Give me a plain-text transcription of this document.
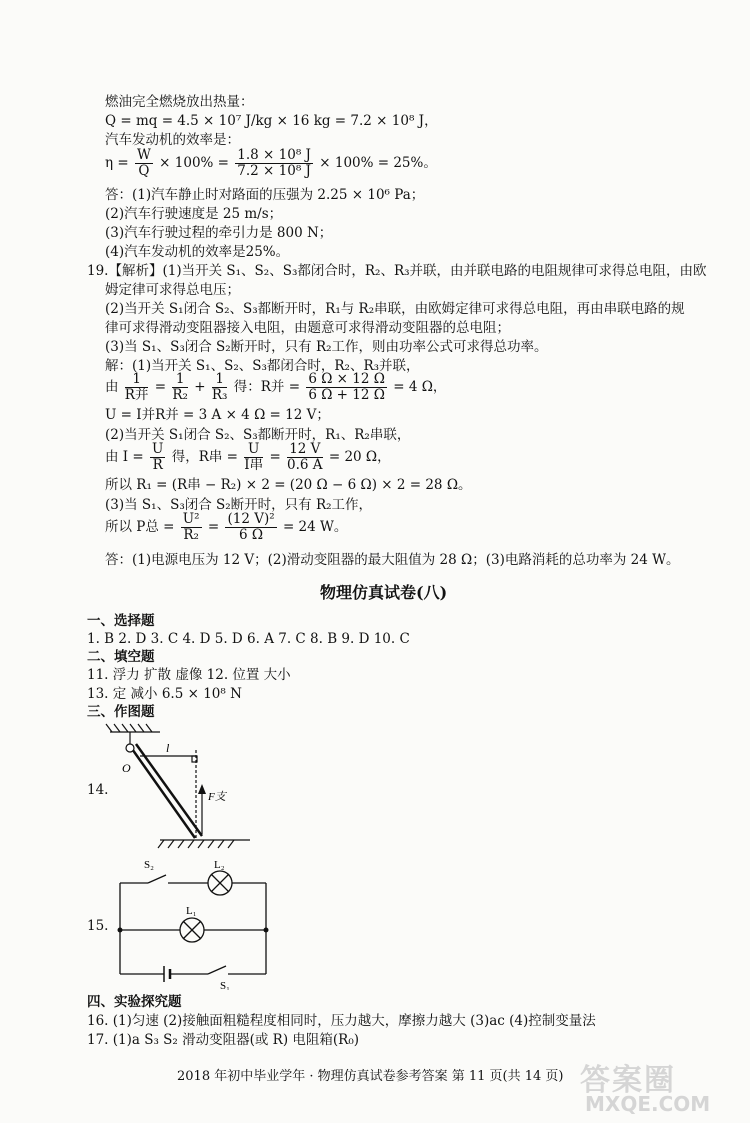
燃油完全燃烧放出热量：
Q = mq = 4.5 × 10⁷ J/kg × 16 kg = 7.2 × 10⁸ J，
汽车发动机的效率是：
$\eta = \frac{W}{Q} \times 100\% = \frac{\text{1.8 × 10⁸ J}}{\text{7.2 × 10⁸ J}} \times 100\% = 25\%$。
答：(1)汽车静止时对路面的压强为 2.25 × 10⁶ Pa；
(2)汽车行驶速度是 25 m/s；
(3)汽车行驶过程的牵引力是 800 N；
(4)汽车发动机的效率是25%。
19.【解析】(1)当开关 S₁、S₂、S₃都闭合时，R₂、R₃并联，由并联电路的电阻规律可求得总电阻，由欧
姆定律可求得总电压；
(2)当开关 S₁闭合 S₂、S₃都断开时，R₁与 R₂串联，由欧姆定律可求得总电阻，再由串联电路的规
律可求得滑动变阻器接入电阻，由题意可求得滑动变阻器的总电阻；
(3)当 S₁、S₃闭合 S₂断开时，只有 R₂工作，则由功率公式可求得总功率。
解：(1)当开关 S₁、S₂、S₃都闭合时，R₂、R₃并联，
由 $\frac{1}{\text{R并}} = \frac{1}{\text{R₂}} + \frac{1}{\text{R₃}}$ 得：R并 = $\frac{6 \Omega \times 12 \Omega}{6 \Omega + 12 \Omega} = 4$ Ω，
U = I并R并 = 3 A × 4 Ω = 12 V；
(2)当开关 S₁闭合 S₂、S₃都断开时，R₁、R₂串联，
由 $I = \frac{U}{R}$ 得，R串 = $\frac{U}{\text{I串}} = \frac{12 V}{0.6 A} = 20$ Ω，
所以 R₁ = (R串 − R₂) × 2 = (20 Ω − 6 Ω) × 2 = 28 Ω。
(3)当 S₁、S₃闭合 S₂断开时，只有 R₂工作，
所以 P总 = $\frac{\text{U²}}{\text{R₂}} = \frac{\text{(12 V)²}}{6 \Omega} = 24$ W。
答：(1)电源电压为 12 V；(2)滑动变阻器的最大阻值为 28 Ω；(3)电路消耗的总功率为 24 W。
物理仿真试卷(八)
一、选择题
1. B 2. D 3. C 4. D 5. D 6. A 7. C 8. B 9. D 10. C
二、填空题
11. 浮力 扩散 虚像 12. 位置 大小
13. 定 减小 6.5 × 10⁸ N
三、作图题
14.
O
l
F支
15.
S₂	L₂
L₁
S₁
四、实验探究题
16. (1)匀速 (2)接触面粗糙程度相同时，压力越大，摩擦力越大 (3)ac (4)控制变量法
17. (1)a S₃ S₂ 滑动变阻器(或 R) 电阻箱(R₀)
2018 年初中毕业学年 · 物理仿真试卷参考答案 第 11 页(共 14 页) 答案圈
MXQE.COM
